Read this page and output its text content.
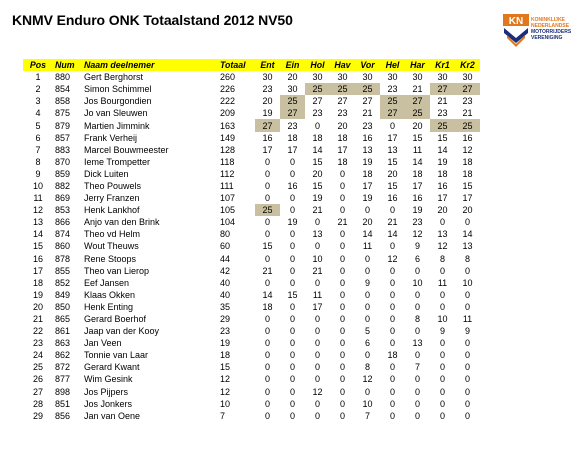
KNMV Enduro ONK Totaalstand 2012 NV50	KN KONINKLIJKE
NEDERLANDSE
MOTORRIJDERS
VERENIGING
Pos	Num	Naam deelnemer	Totaal	Ent	Ein	Hol	Hav	Vor	Hel	Har	Kr1	Kr2
1	880	Gert Berghorst	260	30	20	30	30	30	30	30	30	30
2	854	Simon Schimmel	226	23	30	25	25	25	23	21	27	27
3	858	Jos Bourgondien	222	20	25	27	27	27	25	27	21	23
4	875	Jo van Sleuwen	209	19	27	23	23	21	27	25	23	21
5	879	Martien Jimmink	163	27	23	0	20	23	0	20	25	25
6	857	Frank Verheij	149	16	18	18	18	16	17	15	15	16
7	883	Marcel Bouwmeester	128	17	17	14	17	13	13	11	14	12
8	870	Ieme Trompetter	118	0	0	15	18	19	15	14	19	18
9	859	Dick Luiten	112	0	0	20	0	18	20	18	18	18
10	882	Theo Pouwels	111	0	16	15	0	17	15	17	16	15
11	869	Jerry Franzen	107	0	0	19	0	19	16	16	17	17
12	853	Henk Lankhof	105	25	0	21	0	0	0	19	20	20
13	866	Anjo van den Brink	104	0	19	0	21	20	21	23	0	0
14	874	Theo vd Helm	80	0	0	13	0	14	14	12	13	14
15	860	Wout Theuws	60	15	0	0	0	11	0	9	12	13
16	878	Rene Stoops	44	0	0	10	0	0	12	6	8	8
17	855	Theo van Lierop	42	21	0	21	0	0	0	0	0	0
18	852	Eef Jansen	40	0	0	0	0	9	0	10	11	10
19	849	Klaas Okken	40	14	15	11	0	0	0	0	0	0
20	850	Henk Enting	35	18	0	17	0	0	0	0	0	0
21	865	Gerard Boerhof	29	0	0	0	0	0	0	8	10	11
22	861	Jaap van der Kooy	23	0	0	0	0	5	0	0	9	9
23	863	Jan Veen	19	0	0	0	0	6	0	13	0	0
24	862	Tonnie van Laar	18	0	0	0	0	0	18	0	0	0
25	872	Gerard Kwant	15	0	0	0	0	8	0	7	0	0
26	877	Wim Gesink	12	0	0	0	0	12	0	0	0	0
27	898	Jos Pijpers	12	0	0	12	0	0	0	0	0	0
28	851	Jos Jonkers	10	0	0	0	0	10	0	0	0	0
29	856	Jan van Oene	7	0	0	0	0	7	0	0	0	0
